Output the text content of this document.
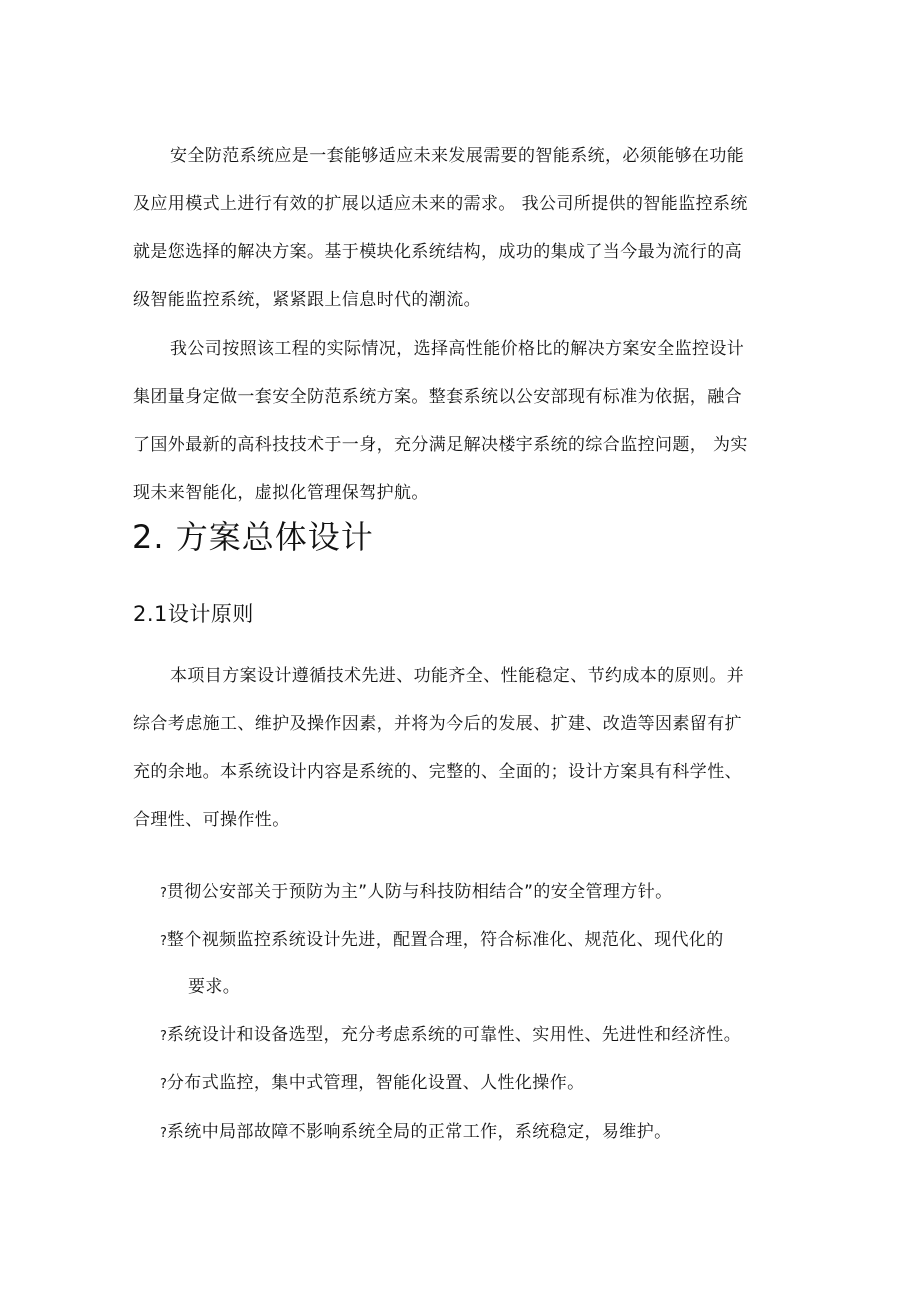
安全防范系统应是一套能够适应未来发展需要的智能系统，必须能够在功能
及应用模式上进行有效的扩展以适应未来的需求。 我公司所提供的智能监控系统
就是您选择的解决方案。基于模块化系统结构，成功的集成了当今最为流行的高
级智能监控系统，紧紧跟上信息时代的潮流。
我公司按照该工程的实际情况，选择高性能价格比的解决方案安全监控设计
集团量身定做一套安全防范系统方案。整套系统以公安部现有标准为依据，融合
了国外最新的高科技技术于一身，充分满足解决楼宇系统的综合监控问题， 为实
现未来智能化，虚拟化管理保驾护航。
2. 方案总体设计
2.1设计原则
本项目方案设计遵循技术先进、功能齐全、性能稳定、节约成本的原则。并
综合考虑施工、维护及操作因素，并将为今后的发展、扩建、改造等因素留有扩
充的余地。本系统设计内容是系统的、完整的、全面的；设计方案具有科学性、
合理性、可操作性。
?贯彻公安部关于预防为主”人防与科技防相结合”的安全管理方针。
?整个视频监控系统设计先进，配置合理，符合标准化、规范化、现代化的
要求。
?系统设计和设备选型，充分考虑系统的可靠性、实用性、先进性和经济性。
?分布式监控，集中式管理，智能化设置、人性化操作。
?系统中局部故障不影响系统全局的正常工作，系统稳定，易维护。
